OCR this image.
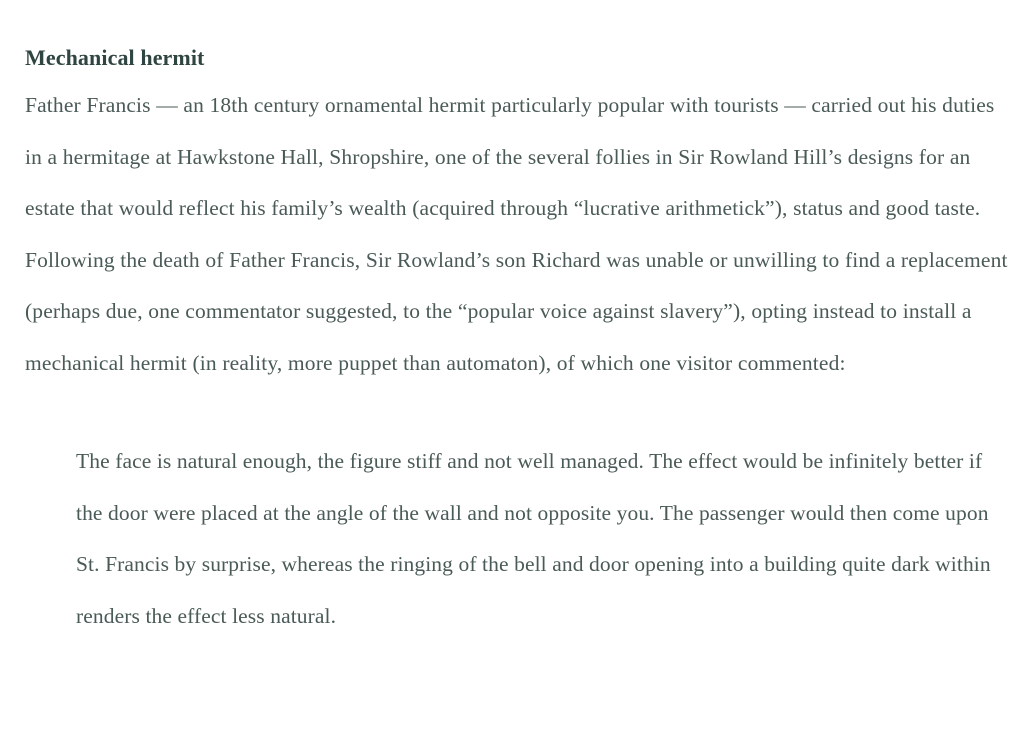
Mechanical hermit

Father Francis — an 18th century ornamental hermit particularly popular with tourists — carried out his duties in a hermitage at Hawkstone Hall, Shropshire, one of the several follies in Sir Rowland Hill’s designs for an estate that would reflect his family’s wealth (acquired through “lucrative arithmetick”), status and good taste. Following the death of Father Francis, Sir Rowland’s son Richard was unable or unwilling to find a replacement (perhaps due, one commentator suggested, to the “popular voice against slavery”), opting instead to install a mechanical hermit (in reality, more puppet than automaton), of which one visitor commented:

The face is natural enough, the figure stiff and not well managed. The effect would be infinitely better if the door were placed at the angle of the wall and not opposite you. The passenger would then come upon St. Francis by surprise, whereas the ringing of the bell and door opening into a building quite dark within renders the effect less natural.
